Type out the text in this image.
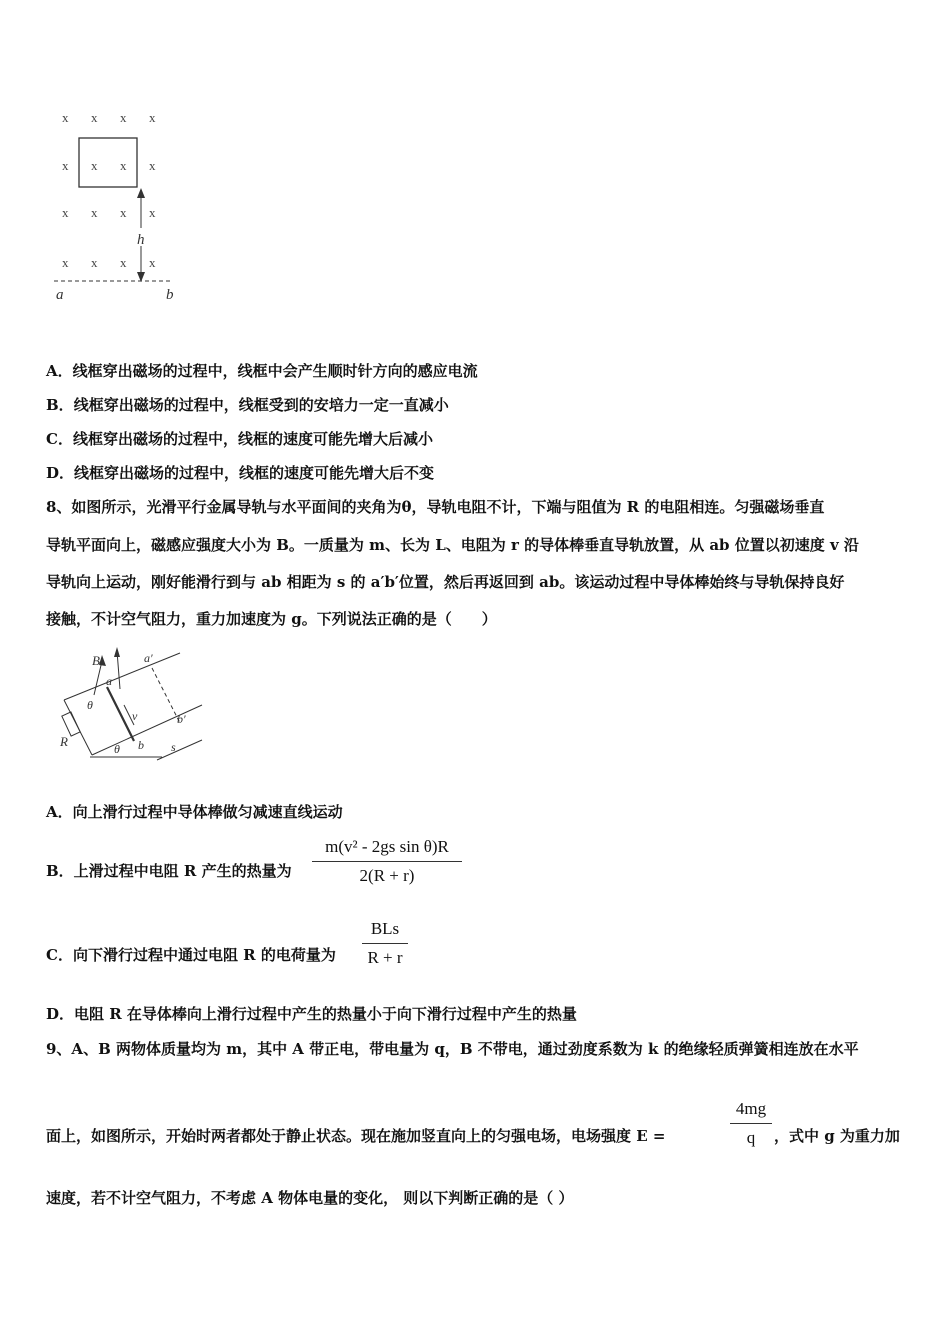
x x x x
x x x x
x x x x
x x x x
h
a	b
A．线框穿出磁场的过程中，线框中会产生顺时针方向的感应电流
B．线框穿出磁场的过程中，线框受到的安培力一定一直减小
C．线框穿出磁场的过程中，线框的速度可能先增大后减小
D．线框穿出磁场的过程中，线框的速度可能先增大后不变
8、如图所示，光滑平行金属导轨与水平面间的夹角为θ，导轨电阻不计，下端与阻值为 R 的电阻相连。匀强磁场垂直
导轨平面向上，磁感应强度大小为 B。一质量为 m、长为 L、电阻为 r 的导体棒垂直导轨放置，从 ab 位置以初速度 v 沿
导轨向上运动，刚好能滑行到与 ab 相距为 s 的 a′b′位置，然后再返回到 ab。该运动过程中导体棒始终与导轨保持良好
接触，不计空气阻力，重力加速度为 g。下列说法正确的是（　　）
B
a
a′
θ
v
R	θ b
b′
s
A．向上滑行过程中导体棒做匀减速直线运动
B．上滑过程中电阻 R 产生的热量为
m(v² - 2gs sin θ)R
2(R + r)
C．向下滑行过程中通过电阻 R 的电荷量为
BLs
R + r
D．电阻 R 在导体棒向上滑行过程中产生的热量小于向下滑行过程中产生的热量
9、A、B 两物体质量均为 m，其中 A 带正电，带电量为 q，B 不带电，通过劲度系数为 k 的绝缘轻质弹簧相连放在水平
面上，如图所示，开始时两者都处于静止状态。现在施加竖直向上的匀强电场，电场强度 E =
4mg
q	，式中 g 为重力加
速度，若不计空气阻力，不考虑 A 物体电量的变化， 则以下判断正确的是（ ）
